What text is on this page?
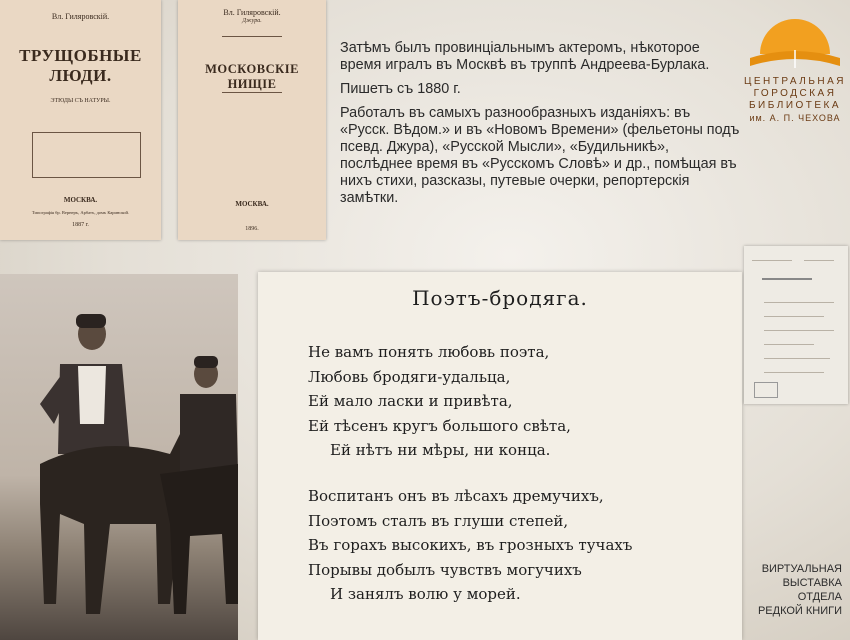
Вл. Гиляровскій.
ТРУЩОБНЫЕ ЛЮДИ.
ЭТЮДЫ СЪ НАТУРЫ.
МОСКВА.
Типографія бр. Вернеръ, Арбатъ, домъ Каринской.
1887 г.
Вл. Гиляровскій.
Джура.
МОСКОВСКІЕ НИЩІЕ
МОСКВА.
1896.

Затѣмъ былъ провинціальнымъ актеромъ, нѣкоторое время игралъ въ Москвѣ въ труппѣ Андреева-Бурлака.

Пишетъ съ 1880 г.

Работалъ въ самыхъ разнообразныхъ изданіяхъ: въ «Русск. Вѣдом.» и въ «Новомъ Времени» (фельетоны подъ псевд. Джура), «Русской Мысли», «Будильникѣ», послѣднее время въ «Русскомъ Словѣ» и др., помѣщая въ нихъ стихи, разсказы, путевые очерки, репортерскія замѣтки.

ЦЕНТРАЛЬНАЯ
ГОРОДСКАЯ
БИБЛИОТЕКА
им. А. П. ЧЕХОВА
Поэтъ-бродяга.
Не вамъ понять любовь поэта,
Любовь бродяги-удальца,
Ей мало ласки и привѣта,
Ей тѣсенъ кругъ большого свѣта,
Ей нѣтъ ни мѣры, ни конца.
Воспитанъ онъ въ лѣсахъ дремучихъ,
Поэтомъ сталъ въ глуши степей,
Въ горахъ высокихъ, въ грозныхъ тучахъ
Порывы добылъ чувствъ могучихъ
И занялъ волю у морей.
ВИРТУАЛЬНАЯ
ВЫСТАВКА
ОТДЕЛА
РЕДКОЙ КНИГИ
